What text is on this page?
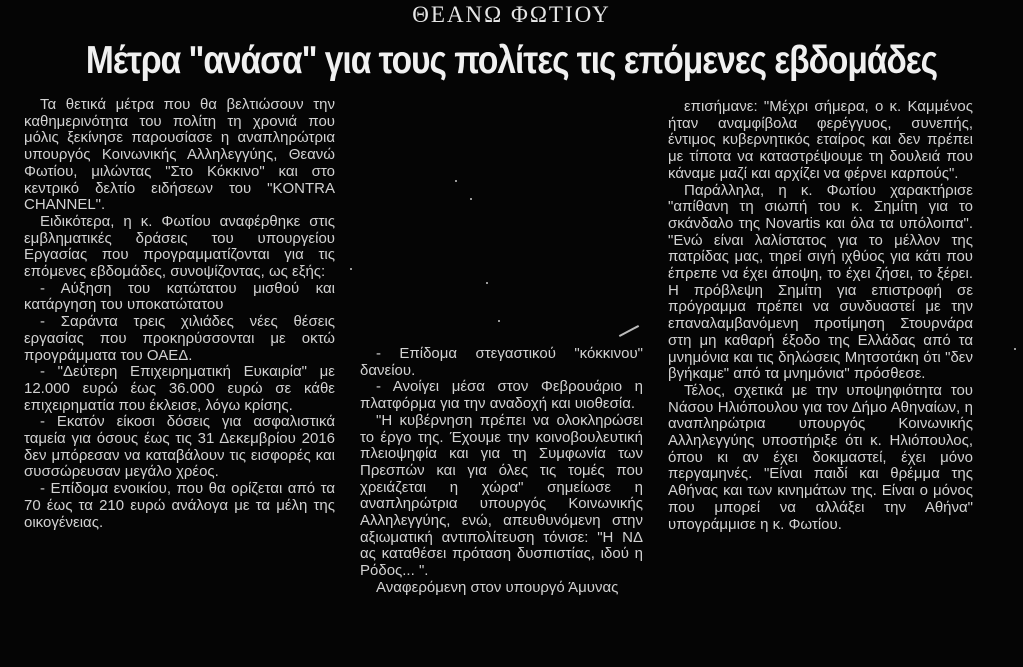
ΘΕΑΝΩ ΦΩΤΙΟΥ
Μέτρα "ανάσα" για τους πολίτες τις επόμενες εβδομάδες

Τα θετικά μέτρα που θα βελτιώσουν την καθημερινότητα του πολίτη τη χρονιά που μόλις ξεκίνησε παρουσίασε η αναπληρώτρια υπουργός Κοινωνικής Αλληλεγγύης, Θεανώ Φωτίου, μιλώντας "Στο Κόκκινο" και στο κεντρικό δελτίο ειδήσεων του "KONTRA CHANNEL".

Ειδικότερα, η κ. Φωτίου αναφέρθηκε στις εμβληματικές δράσεις του υπουργείου Εργασίας που προγραμματίζονται για τις επόμενες εβδομάδες, συνοψίζοντας, ως εξής:

- Αύξηση του κατώτατου μισθού και κατάργηση του υποκατώτατου

- Σαράντα τρεις χιλιάδες νέες θέσεις εργασίας που προκηρύσσονται με οκτώ προγράμματα του ΟΑΕΔ.

- "Δεύτερη Επιχειρηματική Ευκαιρία" με 12.000 ευρώ έως 36.000 ευρώ σε κάθε επιχειρηματία που έκλεισε, λόγω κρίσης.

- Εκατόν είκοσι δόσεις για ασφαλιστικά ταμεία για όσους έως τις 31 Δεκεμβρίου 2016 δεν μπόρεσαν να καταβάλουν τις εισφορές και συσσώρευσαν μεγάλο χρέος.

- Επίδομα ενοικίου, που θα ορίζεται από τα 70 έως τα 210 ευρώ ανάλογα με τα μέλη της οικογένειας.

- Επίδομα στεγαστικού "κόκκινου" δανείου.

- Ανοίγει μέσα στον Φεβρουάριο η πλατφόρμα για την αναδοχή και υιοθεσία.

"Η κυβέρνηση πρέπει να ολοκληρώσει το έργο της. Έχουμε την κοινοβουλευτική πλειοψηφία και για τη Συμφωνία των Πρεσπών και για όλες τις τομές που χρειάζεται η χώρα" σημείωσε η αναπληρώτρια υπουργός Κοινωνικής Αλληλεγγύης, ενώ, απευθυνόμενη στην αξιωματική αντιπολίτευση τόνισε: "Η ΝΔ ας καταθέσει πρόταση δυσπιστίας, ιδού η Ρόδος... ".

Αναφερόμενη στον υπουργό Άμυνας

επισήμανε: "Μέχρι σήμερα, ο κ. Καμμένος ήταν αναμφίβολα φερέγγυος, συνεπής, έντιμος κυβερνητικός εταίρος και δεν πρέπει με τίποτα να καταστρέψουμε τη δουλειά που κάναμε μαζί και αρχίζει να φέρνει καρπούς".

Παράλληλα, η κ. Φωτίου χαρακτήρισε "απίθανη τη σιωπή του κ. Σημίτη για το σκάνδαλο της Novartis και όλα τα υπόλοιπα". "Ενώ είναι λαλίστατος για το μέλλον της πατρίδας μας, τηρεί σιγή ιχθύος για κάτι που έπρεπε να έχει άποψη, το έχει ζήσει, το ξέρει. Η πρόβλεψη Σημίτη για επιστροφή σε πρόγραμμα πρέπει να συνδυαστεί με την επαναλαμβανόμενη προτίμηση Στουρνάρα στη μη καθαρή έξοδο της Ελλάδας από τα μνημόνια και τις δηλώσεις Μητσοτάκη ότι "δεν βγήκαμε" από τα μνημόνια" πρόσθεσε.

Τέλος, σχετικά με την υποψηφιότητα του Νάσου Ηλιόπουλου για τον Δήμο Αθηναίων, η αναπληρώτρια υπουργός Κοινωνικής Αλληλεγγύης υποστήριξε ότι κ. Ηλιόπουλος, όπου κι αν έχει δοκιμαστεί, έχει μόνο περγαμηνές. "Είναι παιδί και θρέμμα της Αθήνας και των κινημάτων της. Είναι ο μόνος που μπορεί να αλλάξει την Αθήνα" υπογράμμισε η κ. Φωτίου.
